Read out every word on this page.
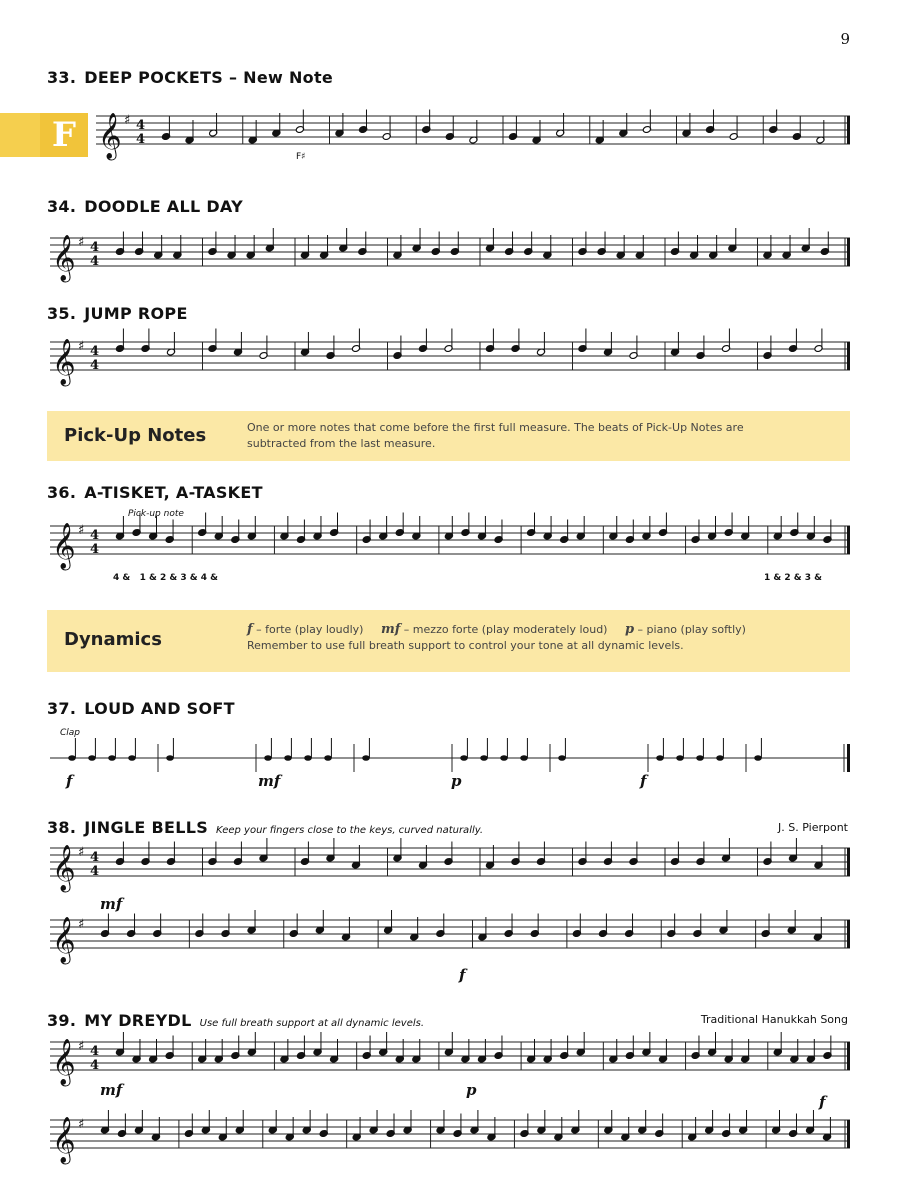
9
33. DEEP POCKETS – New Note
F
F♯
34. DOODLE ALL DAY
35. JUMP ROPE
Pick-Up Notes	One or more notes that come before the first full measure. The beats of Pick-Up Notes are
subtracted from the last measure.
36. A-TISKET, A-TASKET
Pick-up note
4 &   1 & 2 & 3 & 4 &	1 & 2 & 3 &
Dynamics	f – forte (play loudly) mf – mezzo forte (play moderately loud) p – piano (play softly)
Remember to use full breath support to control your tone at all dynamic levels.
37. LOUD AND SOFT
Clap
f	mf	p	f
38. JINGLE BELLS Keep your fingers close to the keys, curved naturally.	J. S. Pierpont
mf
f
39. MY DREYDL Use full breath support at all dynamic levels.	Traditional Hanukkah Song
mf	p
f
𝄞 ♯ 4
4
𝄞 ♯ 4
4
𝄞 ♯ 4
4
𝄞 ♯ 4
4
𝄞 ♯ 4
4
𝄞 ♯
𝄞 ♯ 4
4
𝄞 ♯
